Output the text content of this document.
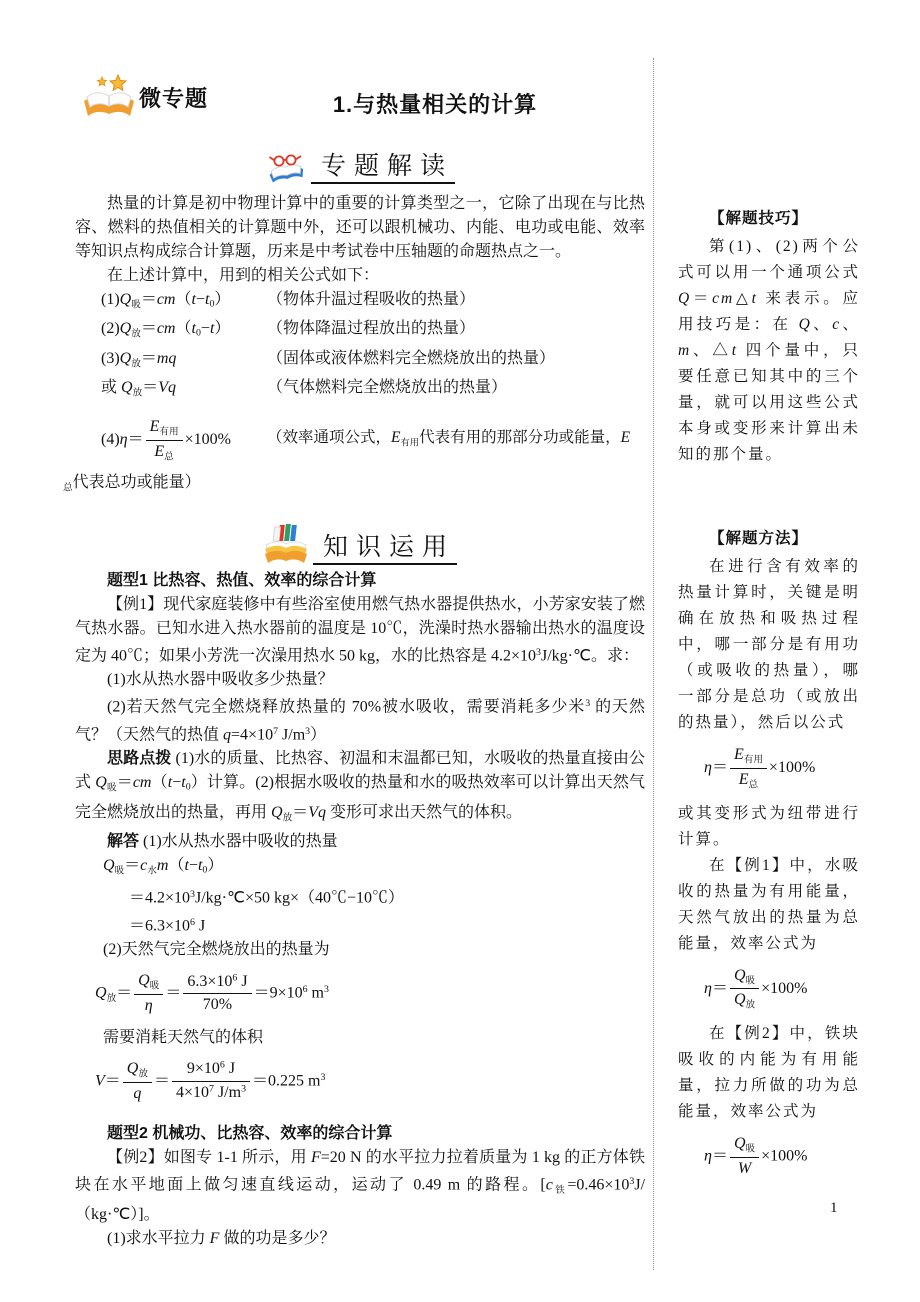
微专题	1.与热量相关的计算
专题解读

热量的计算是初中物理计算中的重要的计算类型之一，它除了出现在与比热容、燃料的热值相关的计算题中外，还可以跟机械功、内能、电功或电能、效率等知识点构成综合计算题，历来是中考试卷中压轴题的命题热点之一。

在上述计算中，用到的相关公式如下：

$(1)Q_吸=cm(t-t_0)$	（物体升温过程吸收的热量）
$(2)Q_放=cm(t_0-t)$	（物体降温过程放出的热量）
$(3)Q_放=mq$	（固体或液体燃料完全燃烧放出的热量）
或 $Q_放=Vq$	（气体燃料完全燃烧放出的热量）
$(4)\eta= \frac{E_{有用}}{E_总} \times 100\%$	（效率通项公式，$E_{有用}$代表有用的那部分功或能量，E

$_总$代表总功或能量）

知识运用
题型1 比热容、热值、效率的综合计算

【例1】现代家庭装修中有些浴室使用燃气热水器提供热水，小芳家安装了燃气热水器。已知水进入热水器前的温度是 10℃，洗澡时热水器输出热水的温度设定为 40℃；如果小芳洗一次澡用热水 50 kg，水的比热容是 $4.2\times 10^3J/kg\cdot℃$。求：

(1)水从热水器中吸收多少热量？

(2)若天然气完全燃烧释放热量的 70%被水吸收，需要消耗多少米$^3$ 的天然气？（天然气的热值 $q=4\times 10^7$ $J/m^3$）

思路点拨 (1)水的质量、比热容、初温和末温都已知，水吸收的热量直接由公式 $Q_吸=cm(t-t_0)$计算。(2)根据水吸收的热量和水的吸热效率可以计算出天然气完全燃烧放出的热量，再用 $Q_放=Vq$ 变形可求出天然气的体积。

解答 (1)水从热水器中吸收的热量

$Q_吸=c_水m(t-t_0)$
$=4.2\times 10^3J/kg\cdot℃\times 50$ kg×（40℃−10℃）
$=6.3\times 10^6$ J
(2)天然气完全燃烧放出的热量为
$Q_放= \frac{Q_吸}{\eta} = \frac{6.3\times 10^6 J}{70\%} =9\times 10^6$ $m^3$
需要消耗天然气的体积
$V= \frac{Q_放}{q} = \frac{9\times 10^6 J}{4\times 10^7 J/m^3} =0.225$ $m^3$
题型2 机械功、比热容、效率的综合计算

【例2】如图专 1-1 所示，用 F=20 N 的水平拉力拉着质量为 1 kg 的正方体铁块在水平地面上做匀速直线运动，运动了 0.49 m 的路程。$[c_铁=0.46\times 10^3J/(kg\cdot℃)]$。

(1)求水平拉力 F 做的功是多少？

【解题技巧】

第(1)、(2)两个公式可以用一个通项公式 Q＝cm△t 来表示。应用技巧是：在 Q、c、m、△t 四个量中，只要任意已知其中的三个量，就可以用这些公式本身或变形来计算出未知的那个量。

【解题方法】

在进行含有效率的热量计算时，关键是明确在放热和吸热过程中，哪一部分是有用功（或吸收的热量），哪一部分是总功（或放出的热量），然后以公式

$\eta= \frac{E_{有用}}{E_总} \times 100\%$

或其变形式为纽带进行计算。

在【例1】中，水吸收的热量为有用能量，天然气放出的热量为总能量，效率公式为

$\eta= \frac{Q_吸}{Q_放} \times 100\%$

在【例2】中，铁块吸收的内能为有用能量，拉力所做的功为总能量，效率公式为

$\eta= \frac{Q_吸}{W} \times 100\%$
1
